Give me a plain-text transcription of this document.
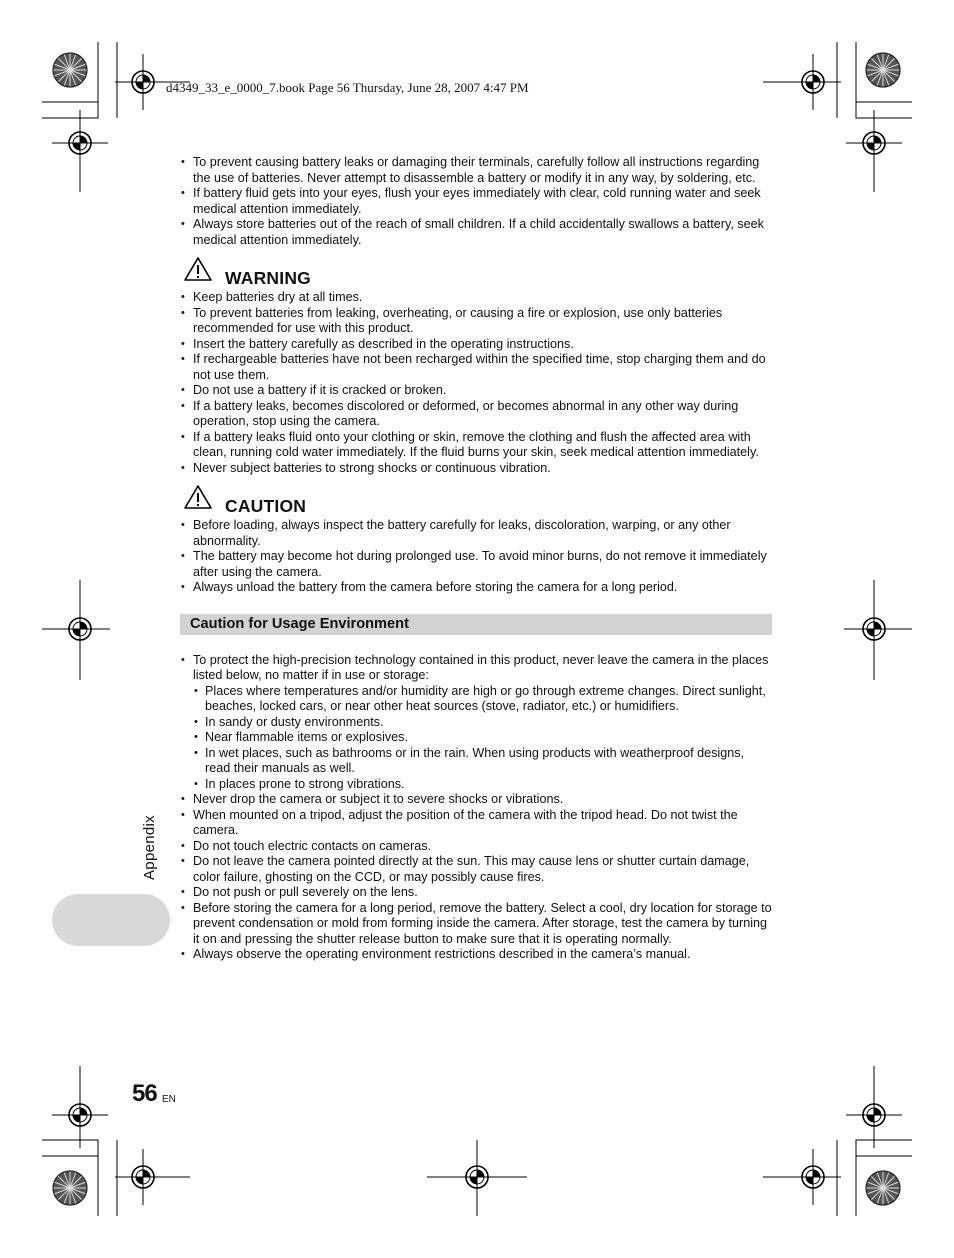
d4349_33_e_0000_7.book Page 56 Thursday, June 28, 2007 4:47 PM
Appendix
• To prevent causing battery leaks or damaging their terminals, carefully follow all instructions regarding the use of batteries. Never attempt to disassemble a battery or modify it in any way, by soldering, etc.
• If battery fluid gets into your eyes, flush your eyes immediately with clear, cold running water and seek medical attention immediately.
• Always store batteries out of the reach of small children. If a child accidentally swallows a battery, seek medical attention immediately.
WARNING
• Keep batteries dry at all times.
• To prevent batteries from leaking, overheating, or causing a fire or explosion, use only batteries recommended for use with this product.
• Insert the battery carefully as described in the operating instructions.
• If rechargeable batteries have not been recharged within the specified time, stop charging them and do not use them.
• Do not use a battery if it is cracked or broken.
• If a battery leaks, becomes discolored or deformed, or becomes abnormal in any other way during operation, stop using the camera.
• If a battery leaks fluid onto your clothing or skin, remove the clothing and flush the affected area with clean, running cold water immediately. If the fluid burns your skin, seek medical attention immediately.
• Never subject batteries to strong shocks or continuous vibration.
CAUTION
• Before loading, always inspect the battery carefully for leaks, discoloration, warping, or any other abnormality.
• The battery may become hot during prolonged use. To avoid minor burns, do not remove it immediately after using the camera.
• Always unload the battery from the camera before storing the camera for a long period.
Caution for Usage Environment
• To protect the high-precision technology contained in this product, never leave the camera in the places listed below, no matter if in use or storage:
• Places where temperatures and/or humidity are high or go through extreme changes. Direct sunlight, beaches, locked cars, or near other heat sources (stove, radiator, etc.) or humidifiers.
• In sandy or dusty environments.
• Near flammable items or explosives.
• In wet places, such as bathrooms or in the rain. When using products with weatherproof designs, read their manuals as well.
• In places prone to strong vibrations.
• Never drop the camera or subject it to severe shocks or vibrations.
• When mounted on a tripod, adjust the position of the camera with the tripod head. Do not twist the camera.
• Do not touch electric contacts on cameras.
• Do not leave the camera pointed directly at the sun. This may cause lens or shutter curtain damage, color failure, ghosting on the CCD, or may possibly cause fires.
• Do not push or pull severely on the lens.
• Before storing the camera for a long period, remove the battery. Select a cool, dry location for storage to prevent condensation or mold from forming inside the camera. After storage, test the camera by turning it on and pressing the shutter release button to make sure that it is operating normally.
• Always observe the operating environment restrictions described in the camera’s manual.
56 EN
